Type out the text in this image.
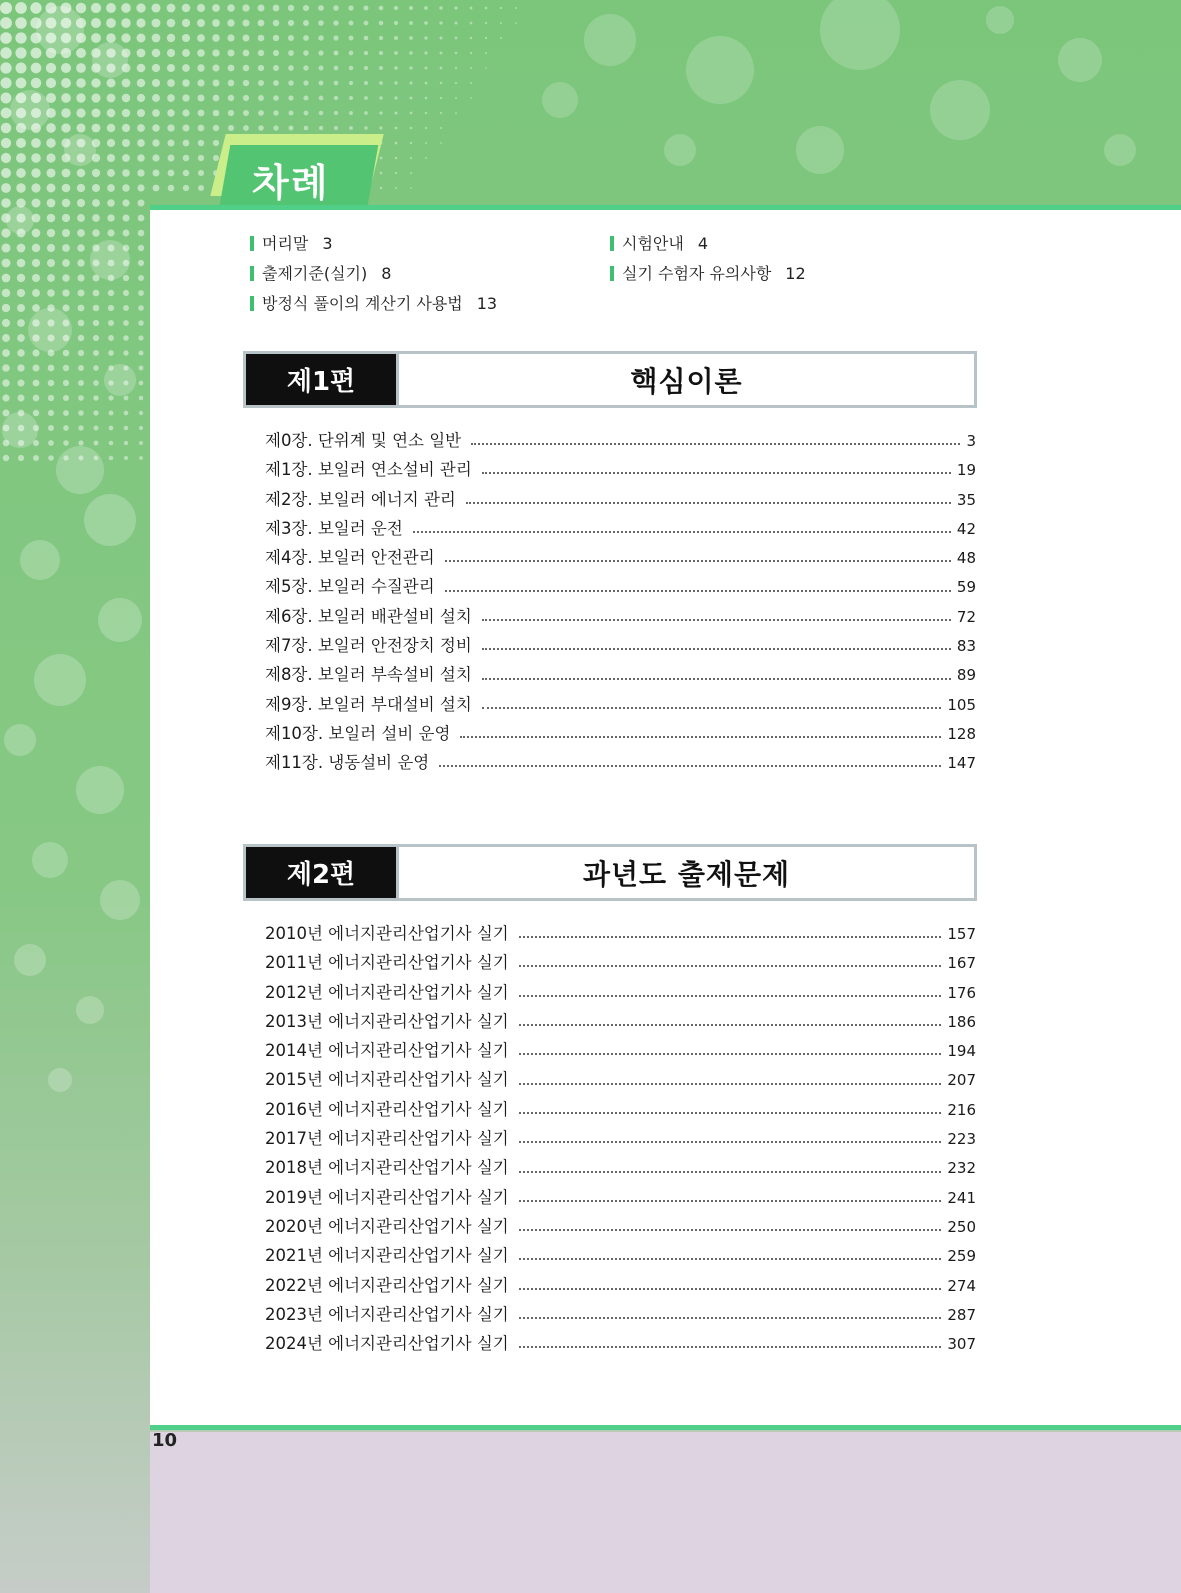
차례
머리말 3	시험안내 4
출제기준(실기) 8	실기 수험자 유의사항 12
방정식 풀이의 계산기 사용법 13
제1편	핵심이론
제0장. 단위계 및 연소 일반	3
제1장. 보일러 연소설비 관리	19
제2장. 보일러 에너지 관리	35
제3장. 보일러 운전	42
제4장. 보일러 안전관리	48
제5장. 보일러 수질관리	59
제6장. 보일러 배관설비 설치	72
제7장. 보일러 안전장치 정비	83
제8장. 보일러 부속설비 설치	89
제9장. 보일러 부대설비 설치	105
제10장. 보일러 설비 운영	128
제11장. 냉동설비 운영	147
제2편	과년도 출제문제
2010년 에너지관리산업기사 실기	157
2011년 에너지관리산업기사 실기	167
2012년 에너지관리산업기사 실기	176
2013년 에너지관리산업기사 실기	186
2014년 에너지관리산업기사 실기	194
2015년 에너지관리산업기사 실기	207
2016년 에너지관리산업기사 실기	216
2017년 에너지관리산업기사 실기	223
2018년 에너지관리산업기사 실기	232
2019년 에너지관리산업기사 실기	241
2020년 에너지관리산업기사 실기	250
2021년 에너지관리산업기사 실기	259
2022년 에너지관리산업기사 실기	274
2023년 에너지관리산업기사 실기	287
2024년 에너지관리산업기사 실기	307
10
